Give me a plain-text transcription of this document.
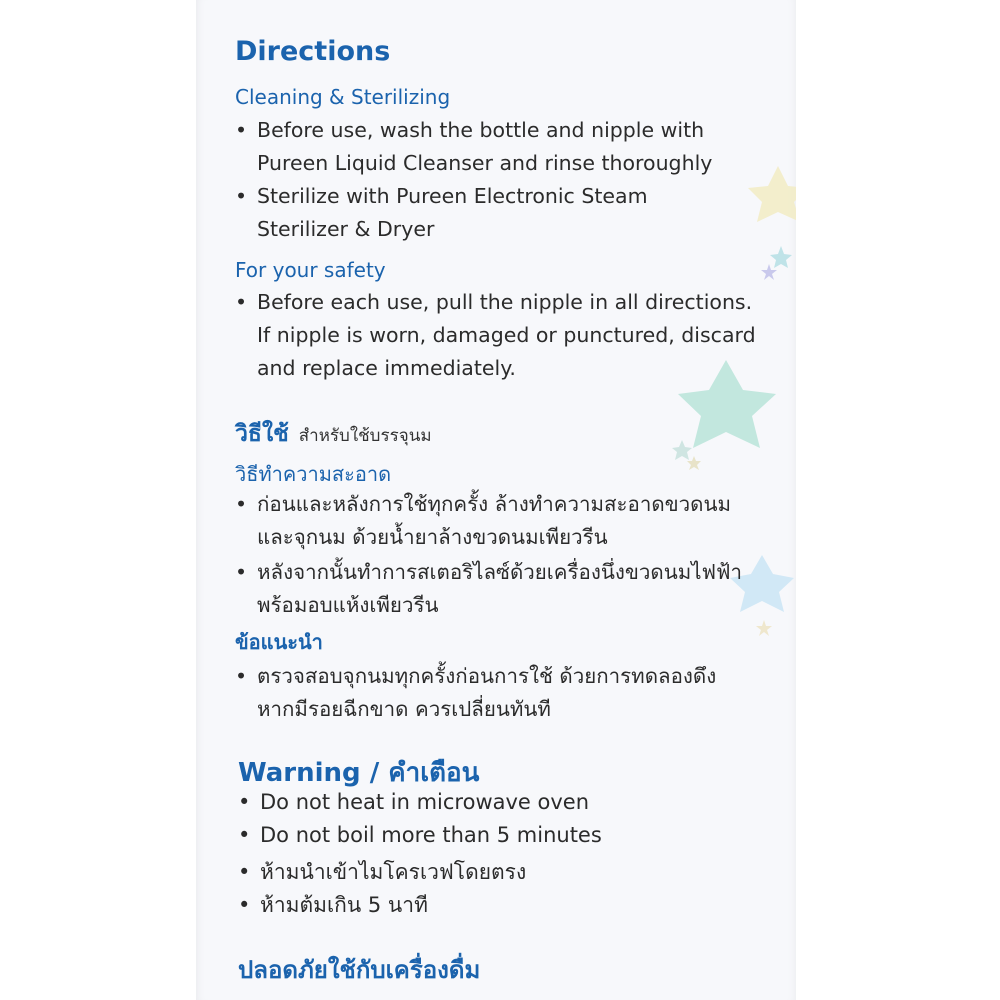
Directions
Cleaning & Sterilizing
• Before use, wash the bottle and nipple with
Pureen Liquid Cleanser and rinse thoroughly
• Sterilize with Pureen Electronic Steam
Sterilizer & Dryer
For your safety
• Before each use, pull the nipple in all directions.
If nipple is worn, damaged or punctured, discard
and replace immediately.
วิธีใช้ สำหรับใช้บรรจุนม
วิธีทำความสะอาด
• ก่อนและหลังการใช้ทุกครั้ง ล้างทำความสะอาดขวดนม
และจุกนม ด้วยน้ำยาล้างขวดนมเพียวรีน
• หลังจากนั้นทำการสเตอริไลซ์ด้วยเครื่องนึ่งขวดนมไฟฟ้า
พร้อมอบแห้งเพียวรีน
ข้อแนะนำ
• ตรวจสอบจุกนมทุกครั้งก่อนการใช้ ด้วยการทดลองดึง
หากมีรอยฉีกขาด ควรเปลี่ยนทันที
Warning / คำเตือน
• Do not heat in microwave oven
• Do not boil more than 5 minutes
• ห้ามนำเข้าไมโครเวฟโดยตรง
• ห้ามต้มเกิน 5 นาที
ปลอดภัยใช้กับเครื่องดื่ม
